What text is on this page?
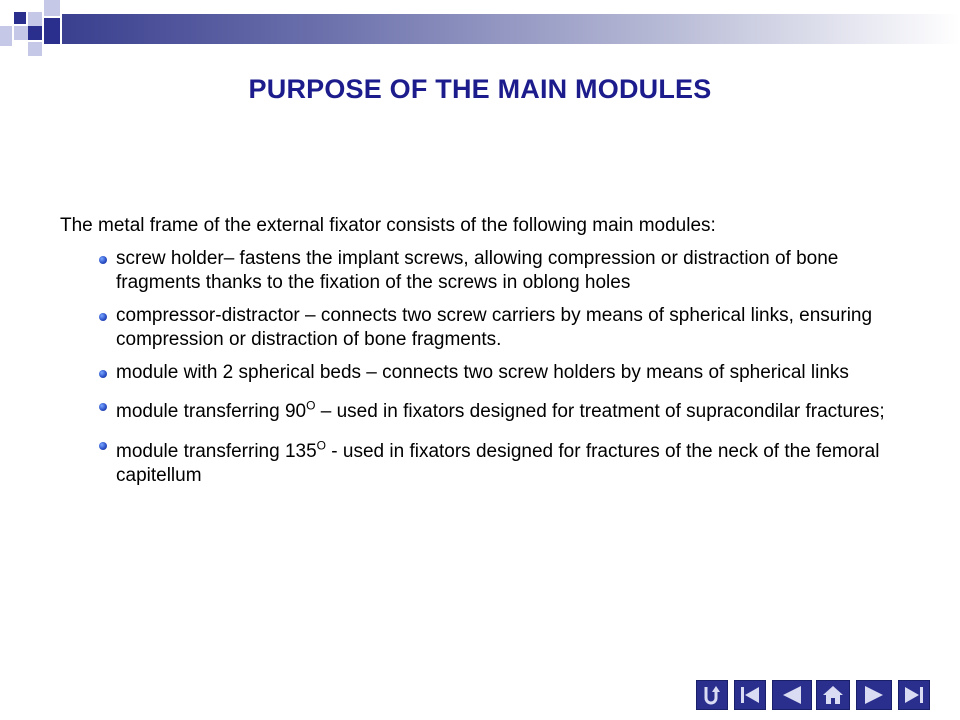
PURPOSE OF THE MAIN MODULES

The metal frame of the external fixator consists of the following main modules:

screw holder– fastens the implant screws, allowing compression or distraction of bone fragments thanks to the fixation of the screws in oblong holes
compressor-distractor – connects two screw carriers by means of spherical links, ensuring compression or distraction of bone fragments.
module with 2 spherical beds – connects two screw holders by means of spherical links
module transferring $90^O$ – used in fixators designed for treatment of supracondilar fractures;
module transferring $135^O$ - used in fixators designed for fractures of the neck of the femoral capitellum
